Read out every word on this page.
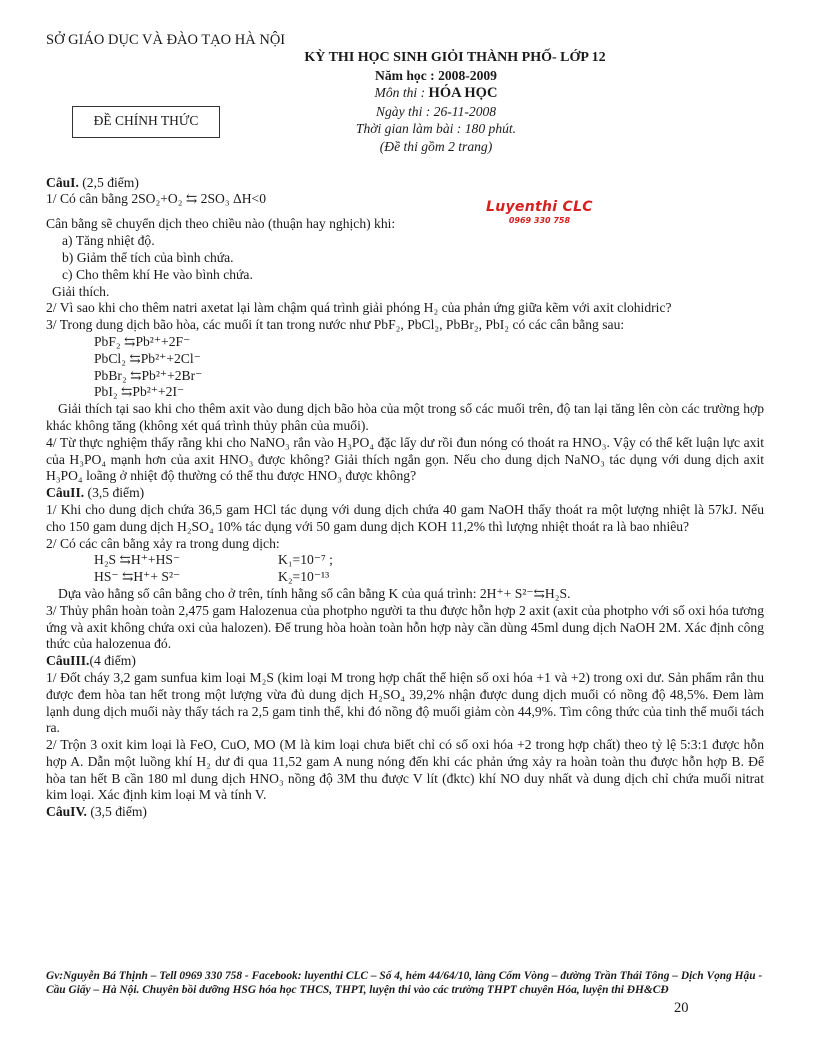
SỞ GIÁO DỤC VÀ ĐÀO TẠO HÀ NỘI
KỲ THI HỌC SINH GIỎI THÀNH PHỐ- LỚP 12
ĐỀ CHÍNH THỨC
Năm học : 2008-2009
Môn thi : HÓA HỌC
Ngày thi : 26-11-2008
Thời gian làm bài : 180 phút.
(Đề thi gồm 2 trang)
Luyenthi CLC
0969 330 758
CâuI. (2,5 điểm)
1/ Có cân bằng 2SO₂+O₂ ⇆ 2SO₃ ΔH<0

Cân bằng sẽ chuyển dịch theo chiều nào (thuận hay nghịch) khi:

a) Tăng nhiệt độ.
b) Giảm thể tích của bình chứa.
c) Cho thêm khí He vào bình chứa.

Giải thích.

2/ Vì sao khi cho thêm natri axetat lại làm chậm quá trình giải phóng H₂ của phản ứng giữa kẽm với axit clohidric?

3/ Trong dung dịch bão hòa, các muối ít tan trong nước như PbF₂, PbCl₂, PbBr₂, PbI₂ có các cân bằng sau:

PbF₂ ⇆Pb²⁺+2F⁻
PbCl₂ ⇆Pb²⁺+2Cl⁻
PbBr₂ ⇆Pb²⁺+2Br⁻
PbI₂ ⇆Pb²⁺+2I⁻

Giải thích tại sao khi cho thêm axit vào dung dịch bão hòa của một trong số các muối trên, độ tan lại tăng lên còn các trường hợp khác không tăng (không xét quá trình thủy phân của muối).

4/ Từ thực nghiệm thấy rằng khi cho NaNO₃ rắn vào H₃PO₄ đặc lấy dư rồi đun nóng có thoát ra HNO₃. Vậy có thể kết luận lực axit của H₃PO₄ mạnh hơn của axit HNO₃ được không? Giải thích ngắn gọn. Nếu cho dung dịch NaNO₃ tác dụng với dung dịch axit H₃PO₄ loãng ở nhiệt độ thường có thể thu được HNO₃ được không?

CâuII. (3,5 điểm)

1/ Khi cho dung dịch chứa 36,5 gam HCl tác dụng với dung dịch chứa 40 gam NaOH thấy thoát ra một lượng nhiệt là 57kJ. Nếu cho 150 gam dung dịch H₂SO₄ 10% tác dụng với 50 gam dung dịch KOH 11,2% thì lượng nhiệt thoát ra là bao nhiêu?

2/ Có các cân bằng xảy ra trong dung dịch:

H₂S ⇆H⁺+HS⁻	K₁=10⁻⁷ ;
HS⁻ ⇆H⁺+ S²⁻	K₂=10⁻¹³

Dựa vào hằng số cân bằng cho ở trên, tính hằng số cân bằng K của quá trình: 2H⁺+ S²⁻⇆H₂S.

3/ Thủy phân hoàn toàn 2,475 gam Halozenua của photpho người ta thu được hỗn hợp 2 axit (axit của photpho với số oxi hóa tương ứng và axit không chứa oxi của halozen). Để trung hòa hoàn toàn hỗn hợp này cần dùng 45ml dung dịch NaOH 2M. Xác định công thức của halozenua đó.

CâuIII.(4 điểm)

1/ Đốt cháy 3,2 gam sunfua kim loại M₂S (kim loại M trong hợp chất thể hiện số oxi hóa +1 và +2) trong oxi dư. Sản phẩm rắn thu được đem hòa tan hết trong một lượng vừa đủ dung dịch H₂SO₄ 39,2% nhận được dung dịch muối có nồng độ 48,5%. Đem làm lạnh dung dịch muối này thấy tách ra 2,5 gam tinh thể, khi đó nồng độ muối giảm còn 44,9%. Tìm công thức của tinh thể muối tách ra.

2/ Trộn 3 oxit kim loại là FeO, CuO, MO (M là kim loại chưa biết chỉ có số oxi hóa +2 trong hợp chất) theo tỷ lệ 5:3:1 được hỗn hợp A. Dẫn một luồng khí H₂ dư đi qua 11,52 gam A nung nóng đến khi các phản ứng xảy ra hoàn toàn thu được hỗn hợp B. Để hòa tan hết B cần 180 ml dung dịch HNO₃ nồng độ 3M thu được V lít (đktc) khí NO duy nhất và dung dịch chỉ chứa muối nitrat kim loại. Xác định kim loại M và tính V.

CâuIV. (3,5 điểm)
Gv:Nguyễn Bá Thịnh – Tell 0969 330 758 - Facebook: luyenthi CLC – Số 4, hẻm 44/64/10, làng Cốm Vòng – đường Trần Thái Tông – Dịch Vọng Hậu - Cầu Giấy – Hà Nội. Chuyên bồi dưỡng HSG hóa học THCS, THPT, luyện thi vào các trường THPT chuyên Hóa, luyện thi ĐH&CĐ
20
